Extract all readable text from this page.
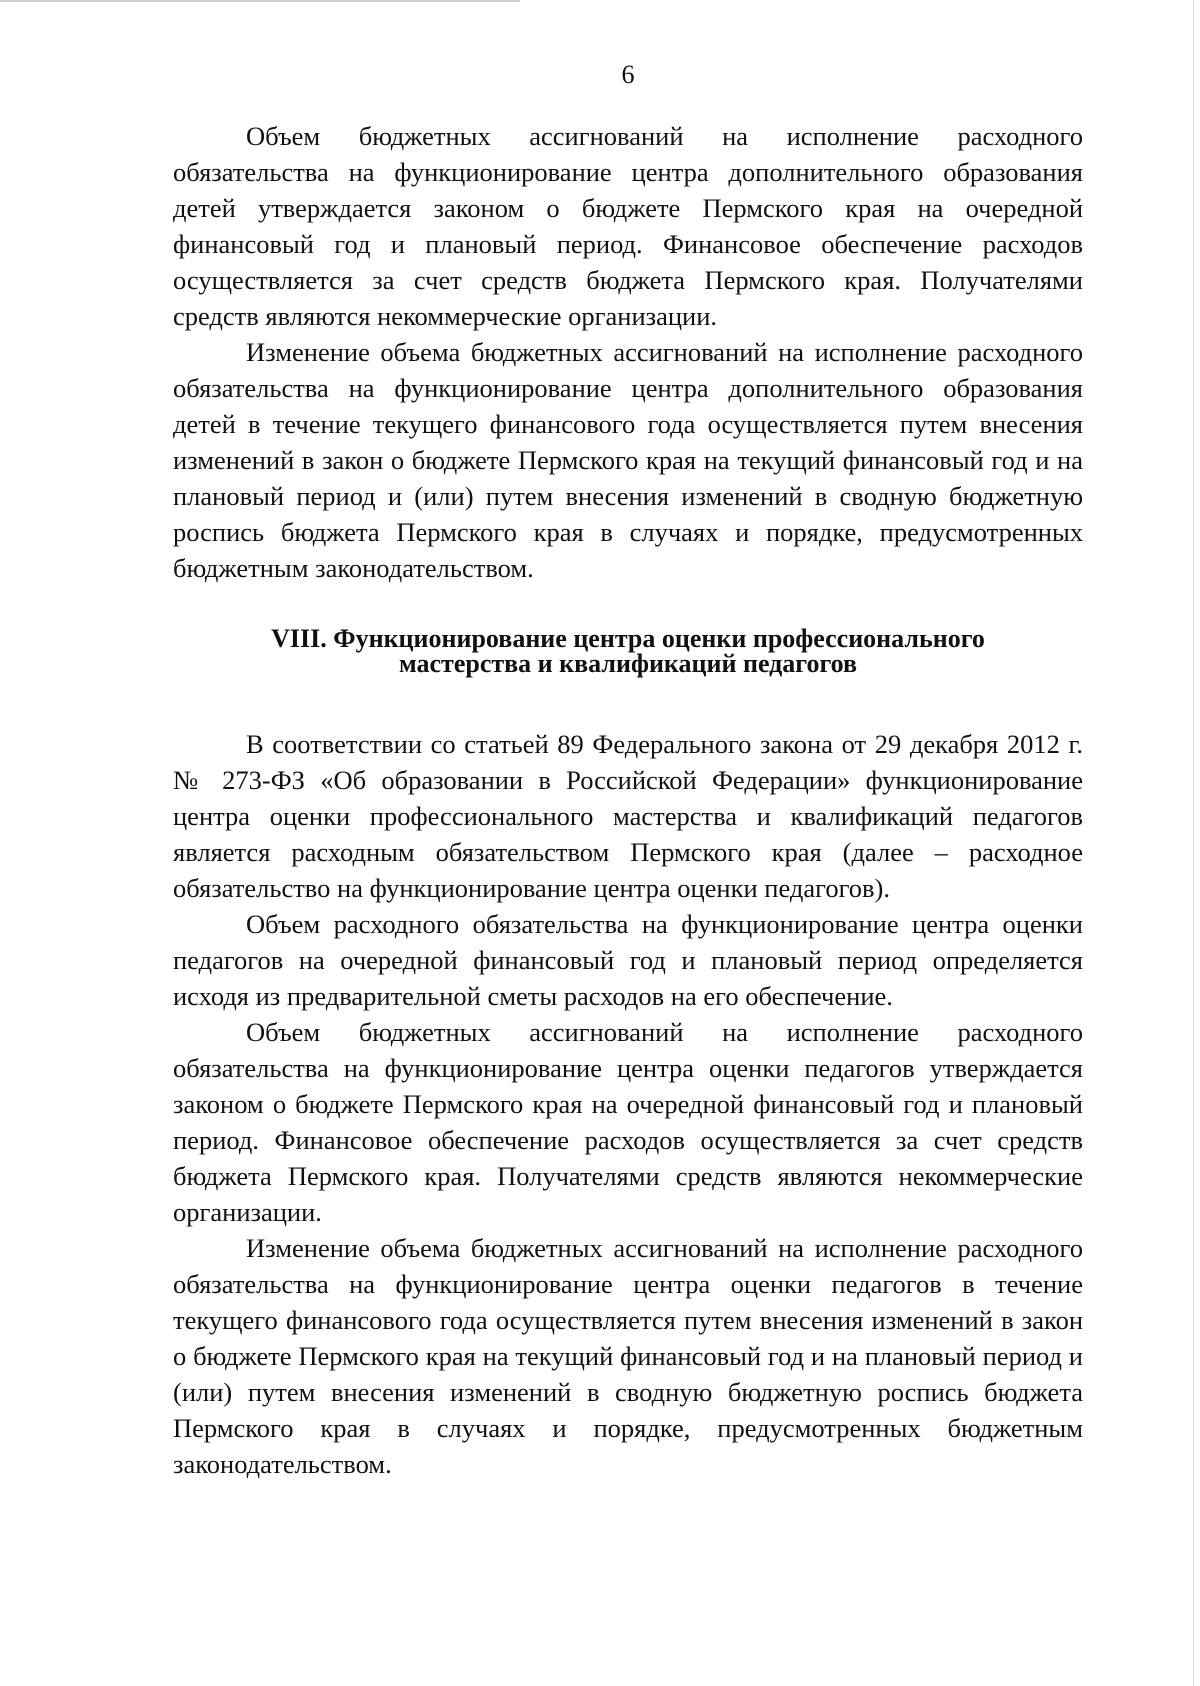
6

Объем бюджетных ассигнований на исполнение расходного обязательства на функционирование центра дополнительного образования детей утверждается законом о бюджете Пермского края на очередной финансовый год и плановый период. Финансовое обеспечение расходов осуществляется за счет средств бюджета Пермского края. Получателями средств являются некоммерческие организации.

Изменение объема бюджетных ассигнований на исполнение расходного обязательства на функционирование центра дополнительного образования детей в течение текущего финансового года осуществляется путем внесения изменений в закон о бюджете Пермского края на текущий финансовый год и на плановый период и (или) путем внесения изменений в сводную бюджетную роспись бюджета Пермского края в случаях и порядке, предусмотренных бюджетным законодательством.

VIII. Функционирование центра оценки профессионального
мастерства и квалификаций педагогов

В соответствии со статьей 89 Федерального закона от 29 декабря 2012 г. № 273-ФЗ «Об образовании в Российской Федерации» функционирование центра оценки профессионального мастерства и квалификаций педагогов является расходным обязательством Пермского края (далее – расходное обязательство на функционирование центра оценки педагогов).

Объем расходного обязательства на функционирование центра оценки педагогов на очередной финансовый год и плановый период определяется исходя из предварительной сметы расходов на его обеспечение.

Объем бюджетных ассигнований на исполнение расходного обязательства на функционирование центра оценки педагогов утверждается законом о бюджете Пермского края на очередной финансовый год и плановый период. Финансовое обеспечение расходов осуществляется за счет средств бюджета Пермского края. Получателями средств являются некоммерческие организации.

Изменение объема бюджетных ассигнований на исполнение расходного обязательства на функционирование центра оценки педагогов в течение текущего финансового года осуществляется путем внесения изменений в закон о бюджете Пермского края на текущий финансовый год и на плановый период и (или) путем внесения изменений в сводную бюджетную роспись бюджета Пермского края в случаях и порядке, предусмотренных бюджетным законодательством.
